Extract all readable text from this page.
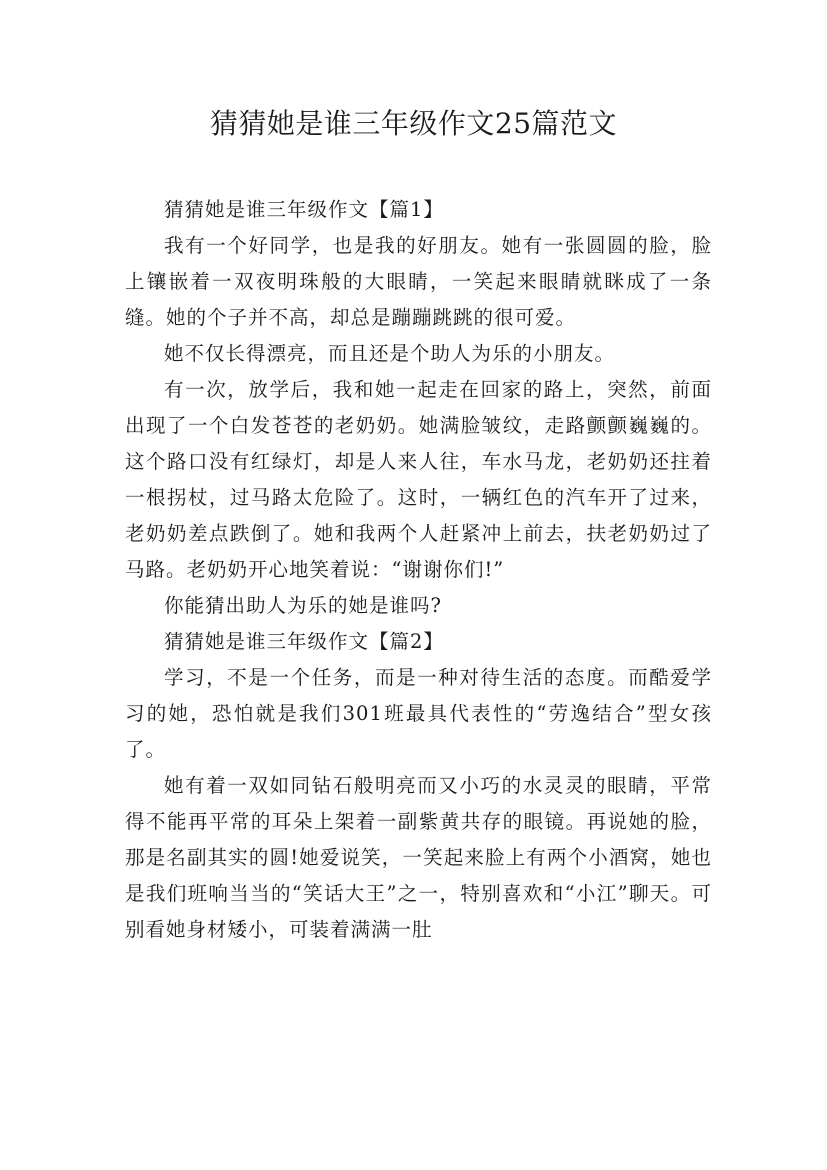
猜猜她是谁三年级作文25篇范文

猜猜她是谁三年级作文【篇1】

我有一个好同学，也是我的好朋友。她有一张圆圆的脸，脸上镶嵌着一双夜明珠般的大眼睛，一笑起来眼睛就眯成了一条缝。她的个子并不高，却总是蹦蹦跳跳的很可爱。

她不仅长得漂亮，而且还是个助人为乐的小朋友。

有一次，放学后，我和她一起走在回家的路上，突然，前面出现了一个白发苍苍的老奶奶。她满脸皱纹，走路颤颤巍巍的。这个路口没有红绿灯，却是人来人往，车水马龙，老奶奶还拄着一根拐杖，过马路太危险了。这时，一辆红色的汽车开了过来，老奶奶差点跌倒了。她和我两个人赶紧冲上前去，扶老奶奶过了马路。老奶奶开心地笑着说：“谢谢你们!”

你能猜出助人为乐的她是谁吗?

猜猜她是谁三年级作文【篇2】

学习，不是一个任务，而是一种对待生活的态度。而酷爱学习的她，恐怕就是我们301班最具代表性的“劳逸结合”型女孩了。

她有着一双如同钻石般明亮而又小巧的水灵灵的眼睛，平常得不能再平常的耳朵上架着一副紫黄共存的眼镜。再说她的脸，那是名副其实的圆!她爱说笑，一笑起来脸上有两个小酒窝，她也是我们班响当当的“笑话大王”之一，特别喜欢和“小江”聊天。可别看她身材矮小，可装着满满一肚
